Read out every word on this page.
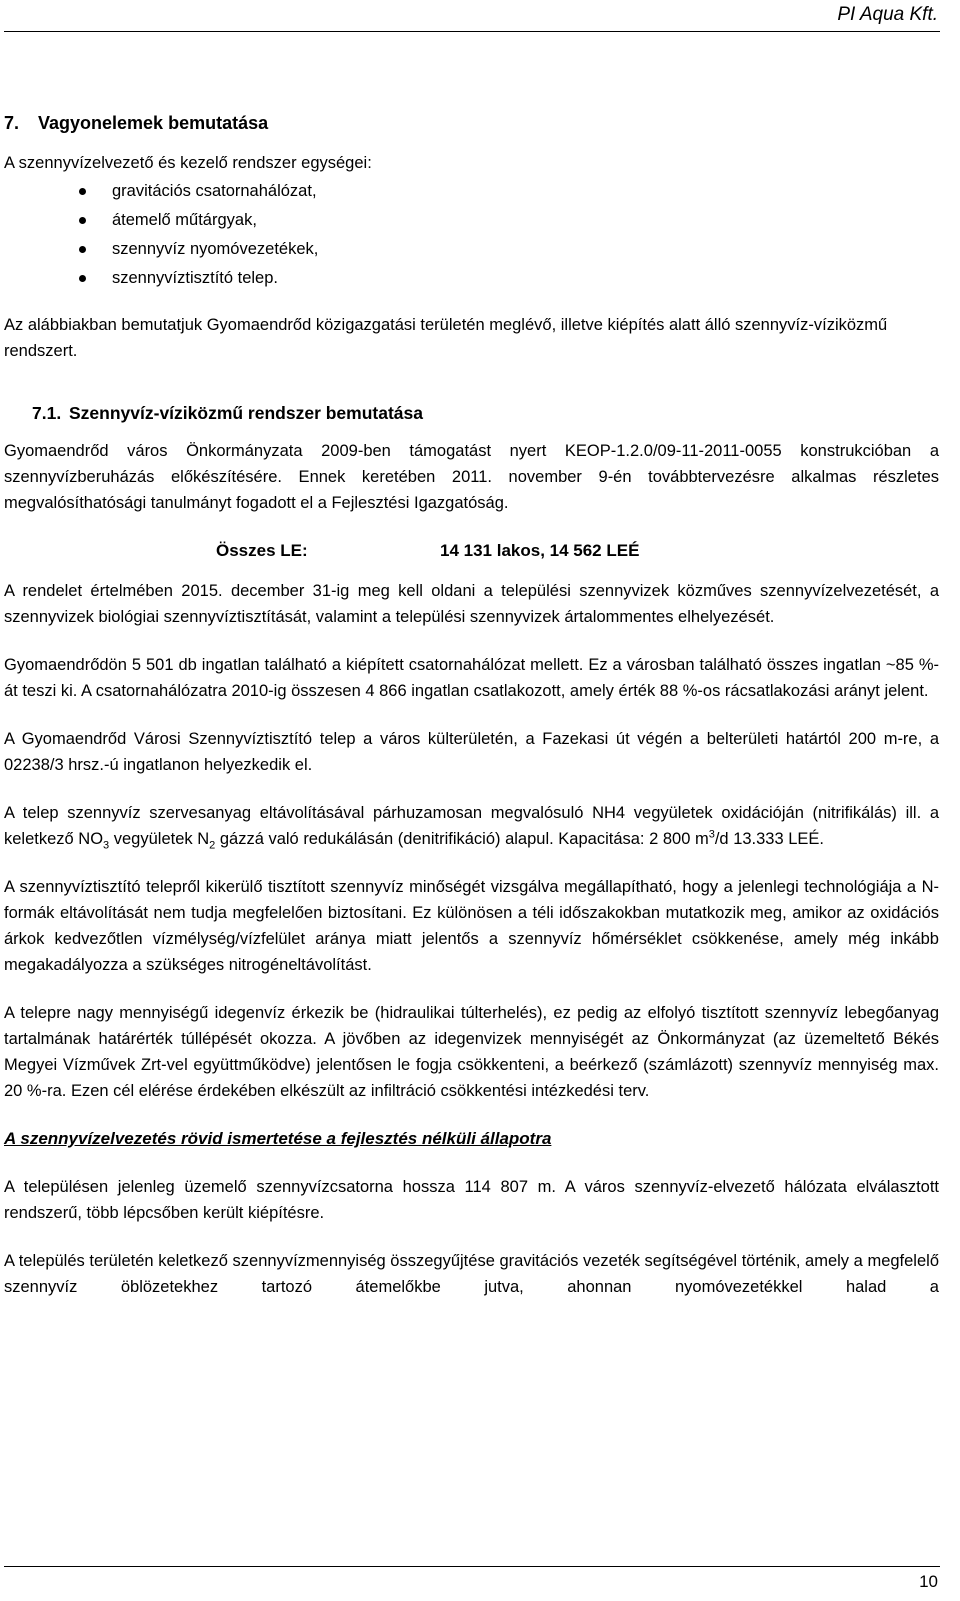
PI Aqua Kft.
7. Vagyonelemek bemutatása

A szennyvízelvezető és kezelő rendszer egységei:

gravitációs csatornahálózat,
átemelő műtárgyak,
szennyvíz nyomóvezetékek,
szennyvíztisztító telep.

Az alábbiakban bemutatjuk Gyomaendrőd közigazgatási területén meglévő, illetve kiépítés alatt álló szennyvíz-víziközmű rendszert.

7.1. Szennyvíz-víziközmű rendszer bemutatása

Gyomaendrőd város Önkormányzata 2009-ben támogatást nyert KEOP-1.2.0/09-11-2011-0055 konstrukcióban a szennyvízberuházás előkészítésére. Ennek keretében 2011. november 9-én továbbtervezésre alkalmas részletes megvalósíthatósági tanulmányt fogadott el a Fejlesztési Igazgatóság.

Összes LE:	14 131 lakos, 14 562 LEÉ

A rendelet értelmében 2015. december 31-ig meg kell oldani a települési szennyvizek közműves szennyvízelvezetését, a szennyvizek biológiai szennyvíztisztítását, valamint a települési szennyvizek ártalommentes elhelyezését.

Gyomaendrődön 5 501 db ingatlan található a kiépített csatornahálózat mellett. Ez a városban található összes ingatlan ~85 %-át teszi ki. A csatornahálózatra 2010-ig összesen 4 866 ingatlan csatlakozott, amely érték 88 %-os rácsatlakozási arányt jelent.

A Gyomaendrőd Városi Szennyvíztisztító telep a város külterületén, a Fazekasi út végén a belterületi határtól 200 m-re, a 02238/3 hrsz.-ú ingatlanon helyezkedik el.

A telep szennyvíz szervesanyag eltávolításával párhuzamosan megvalósuló NH4 vegyületek oxidációján (nitrifikálás) ill. a keletkező $NO_3$ vegyületek $N_2$ gázzá való redukálásán (denitrifikáció) alapul. Kapacitása: 2 800 $m^3/d$ 13.333 LEÉ.

A szennyvíztisztító telepről kikerülő tisztított szennyvíz minőségét vizsgálva megállapítható, hogy a jelenlegi technológiája a N-formák eltávolítását nem tudja megfelelően biztosítani. Ez különösen a téli időszakokban mutatkozik meg, amikor az oxidációs árkok kedvezőtlen vízmélység/vízfelület aránya miatt jelentős a szennyvíz hőmérséklet csökkenése, amely még inkább megakadályozza a szükséges nitrogéneltávolítást.

A telepre nagy mennyiségű idegenvíz érkezik be (hidraulikai túlterhelés), ez pedig az elfolyó tisztított szennyvíz lebegőanyag tartalmának határérték túllépését okozza. A jövőben az idegenvizek mennyiségét az Önkormányzat (az üzemeltető Békés Megyei Vízművek Zrt-vel együttműködve) jelentősen le fogja csökkenteni, a beérkező (számlázott) szennyvíz mennyiség max. 20 %-ra. Ezen cél elérése érdekében elkészült az infiltráció csökkentési intézkedési terv.

A szennyvízelvezetés rövid ismertetése a fejlesztés nélküli állapotra

A településen jelenleg üzemelő szennyvízcsatorna hossza 114 807 m. A város szennyvíz-elvezető hálózata elválasztott rendszerű, több lépcsőben került kiépítésre.

A település területén keletkező szennyvízmennyiség összegyűjtése gravitációs vezeték segítségével történik, amely a megfelelő szennyvíz öblözetekhez tartozó átemelőkbe jutva, ahonnan nyomóvezetékkel halad a

10
